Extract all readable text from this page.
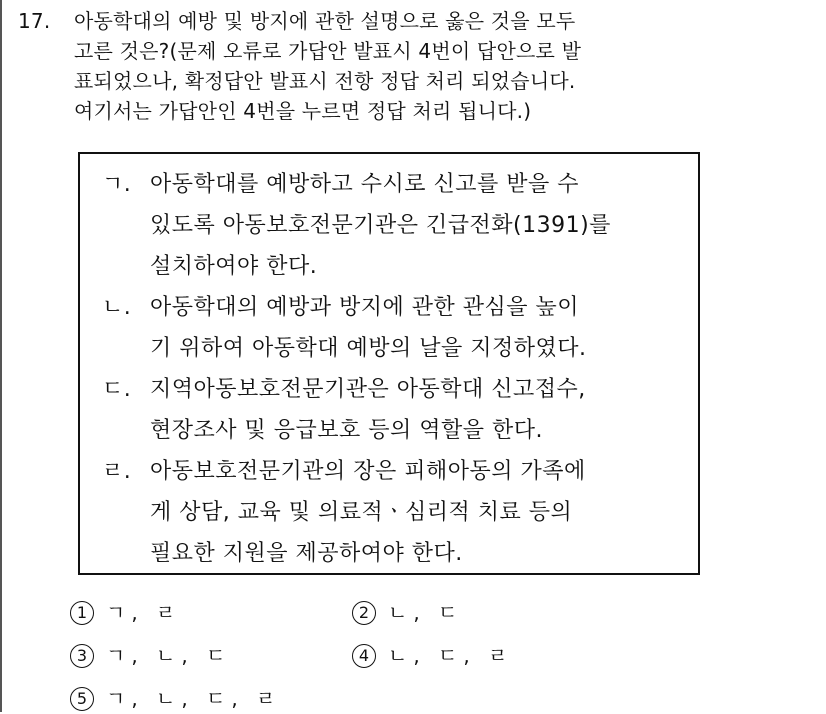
17. 아동학대의 예방 및 방지에 관한 설명으로 옳은 것을 모두
고른 것은?(문제 오류로 가답안 발표시 4번이 답안으로 발
표되었으나, 확정답안 발표시 전항 정답 처리 되었습니다.
여기서는 가답안인 4번을 누르면 정답 처리 됩니다.)
ㄱ. 아동학대를 예방하고 수시로 신고를 받을 수
있도록 아동보호전문기관은 긴급전화(1391)를
설치하여야 한다.
ㄴ. 아동학대의 예방과 방지에 관한 관심을 높이
기 위하여 아동학대 예방의 날을 지정하였다.
ㄷ. 지역아동보호전문기관은 아동학대 신고접수,
현장조사 및 응급보호 등의 역할을 한다.
ㄹ. 아동보호전문기관의 장은 피해아동의 가족에
게 상담, 교육 및 의료적ㆍ심리적 치료 등의
필요한 지원을 제공하여야 한다.
1 ㄱ, ㄹ	2 ㄴ, ㄷ
3 ㄱ, ㄴ, ㄷ	4 ㄴ, ㄷ, ㄹ
5 ㄱ, ㄴ, ㄷ, ㄹ
